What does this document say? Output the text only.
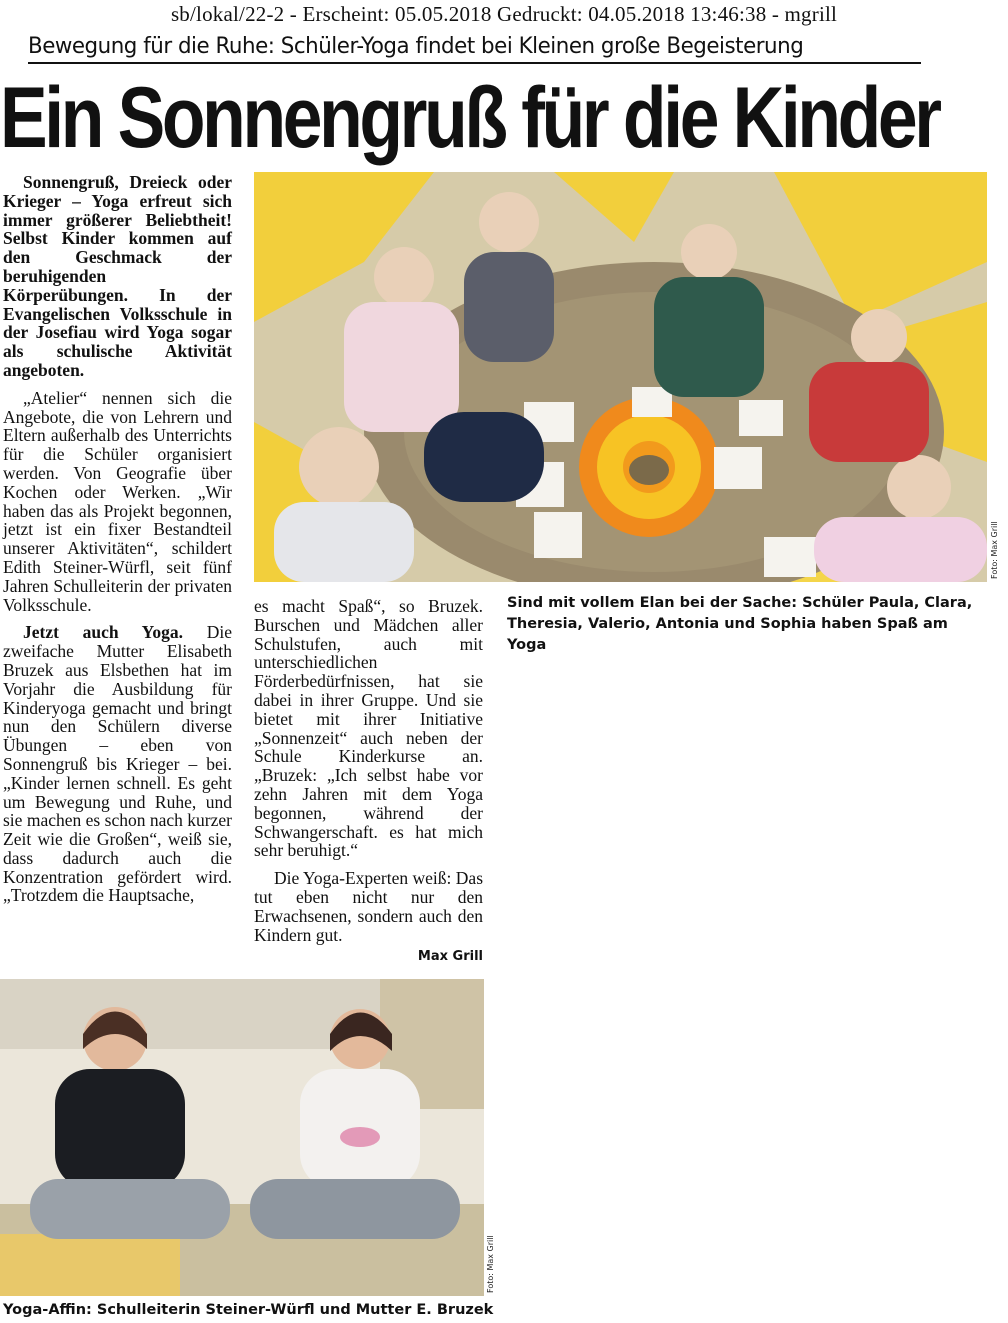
sb/lokal/22-2 - Erscheint: 05.05.2018 Gedruckt: 04.05.2018 13:46:38 - mgrill
Bewegung für die Ruhe: Schüler-Yoga findet bei Kleinen große Begeisterung
Ein Sonnengruß für die Kinder

Sonnengruß, Dreieck oder Krieger – Yoga erfreut sich immer größerer Beliebtheit! Selbst Kinder kommen auf den Geschmack der beruhigenden Körperübungen. In der Evangelischen Volksschule in der Josefiau wird Yoga sogar als schulische Aktivität angeboten.

„Atelier“ nennen sich die Angebote, die von Lehrern und Eltern außerhalb des Unterrichts für die Schüler organisiert werden. Von Geografie über Kochen oder Werken. „Wir haben das als Projekt begonnen, jetzt ist ein fixer Bestandteil unserer Aktivitäten“, schildert Edith Steiner-Würfl, seit fünf Jahren Schulleiterin der privaten Volksschule.

Jetzt auch Yoga. Die zweifache Mutter Elisabeth Bruzek aus Elsbethen hat im Vorjahr die Ausbildung für Kinderyoga gemacht und bringt nun den Schülern diverse Übungen – eben von Sonnengruß bis Krieger – bei. „Kinder lernen schnell. Es geht um Bewegung und Ruhe, und sie machen es schon nach kurzer Zeit wie die Großen“, weiß sie, dass dadurch auch die Konzentration gefördert wird. „Trotzdem die Hauptsache,

es macht Spaß“, so Bruzek. Burschen und Mädchen aller Schulstufen, auch mit unterschiedlichen Förderbedürfnissen, hat sie dabei in ihrer Gruppe. Und sie bietet mit ihrer Initiative „Sonnenzeit“ auch neben der Schule Kinderkurse an. „Bruzek: „Ich selbst habe vor zehn Jahren mit dem Yoga begonnen, während der Schwangerschaft. es hat mich sehr beruhigt.“

Die Yoga-Experten weiß: Das tut eben nicht nur den Erwachsenen, sondern auch den Kindern gut.

Max Grill

Foto: Max Grill
Sind mit vollem Elan bei der Sache: Schüler Paula, Clara, Theresia, Valerio, Antonia und Sophia haben Spaß am Yoga
Foto: Max Grill
Yoga-Affin: Schulleiterin Steiner-Würfl und Mutter E. Bruzek
